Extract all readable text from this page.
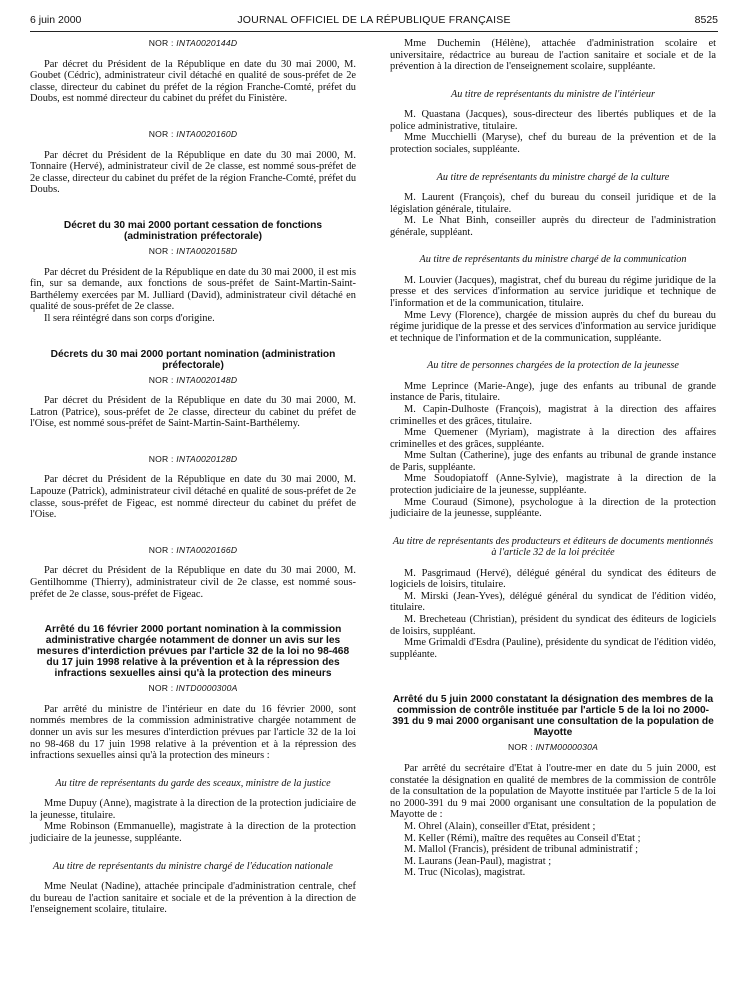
6 juin 2000	JOURNAL OFFICIEL DE LA RÉPUBLIQUE FRANÇAISE	8525
NOR : INTA0020144D

Par décret du Président de la République en date du 30 mai 2000, M. Goubet (Cédric), administrateur civil détaché en qualité de sous-préfet de 2e classe, directeur du cabinet du préfet de la région Franche-Comté, préfet du Doubs, est nommé directeur du cabinet du préfet du Finistère.

NOR : INTA0020160D

Par décret du Président de la République en date du 30 mai 2000, M. Tonnaire (Hervé), administrateur civil de 2e classe, est nommé sous-préfet de 2e classe, directeur du cabinet du préfet de la région Franche-Comté, préfet du Doubs.

Décret du 30 mai 2000 portant cessation de fonctions (administration préfectorale)
NOR : INTA0020158D

Par décret du Président de la République en date du 30 mai 2000, il est mis fin, sur sa demande, aux fonctions de sous-préfet de Saint-Martin-Saint-Barthélemy exercées par M. Julliard (David), administrateur civil détaché en qualité de sous-préfet de 2e classe.

Il sera réintégré dans son corps d'origine.

Décrets du 30 mai 2000 portant nomination (administration préfectorale)
NOR : INTA0020148D

Par décret du Président de la République en date du 30 mai 2000, M. Latron (Patrice), sous-préfet de 2e classe, directeur du cabinet du préfet de l'Oise, est nommé sous-préfet de Saint-Martin-Saint-Barthélemy.

NOR : INTA0020128D

Par décret du Président de la République en date du 30 mai 2000, M. Lapouze (Patrick), administrateur civil détaché en qualité de sous-préfet de 2e classe, sous-préfet de Figeac, est nommé directeur du cabinet du préfet de l'Oise.

NOR : INTA0020166D

Par décret du Président de la République en date du 30 mai 2000, M. Gentilhomme (Thierry), administrateur civil de 2e classe, est nommé sous-préfet de 2e classe, sous-préfet de Figeac.

Arrêté du 16 février 2000 portant nomination à la commission administrative chargée notamment de donner un avis sur les mesures d'interdiction prévues par l'article 32 de la loi no 98-468 du 17 juin 1998 relative à la prévention et à la répression des infractions sexuelles ainsi qu'à la protection des mineurs
NOR : INTD0000300A

Par arrêté du ministre de l'intérieur en date du 16 février 2000, sont nommés membres de la commission administrative chargée notamment de donner un avis sur les mesures d'interdiction prévues par l'article 32 de la loi no 98-468 du 17 juin 1998 relative à la prévention et à la répression des infractions sexuelles ainsi qu'à la protection des mineurs :

Au titre de représentants du garde des sceaux, ministre de la justice

Mme Dupuy (Anne), magistrate à la direction de la protection judiciaire de la jeunesse, titulaire.

Mme Robinson (Emmanuelle), magistrate à la direction de la protection judiciaire de la jeunesse, suppléante.

Au titre de représentants du ministre chargé de l'éducation nationale

Mme Neulat (Nadine), attachée principale d'administration centrale, chef du bureau de l'action sanitaire et sociale et de la prévention à la direction de l'enseignement scolaire, titulaire.

Mme Duchemin (Hélène), attachée d'administration scolaire et universitaire, rédactrice au bureau de l'action sanitaire et sociale et de la prévention à la direction de l'enseignement scolaire, suppléante.

Au titre de représentants du ministre de l'intérieur

M. Quastana (Jacques), sous-directeur des libertés publiques et de la police administrative, titulaire.

Mme Mucchielli (Maryse), chef du bureau de la prévention et de la protection sociales, suppléante.

Au titre de représentants du ministre chargé de la culture

M. Laurent (François), chef du bureau du conseil juridique et de la législation générale, titulaire.

M. Le Nhat Binh, conseiller auprès du directeur de l'administration générale, suppléant.

Au titre de représentants du ministre chargé de la communication

M. Louvier (Jacques), magistrat, chef du bureau du régime juridique de la presse et des services d'information au service juridique et technique de l'information et de la communication, titulaire.

Mme Levy (Florence), chargée de mission auprès du chef du bureau du régime juridique de la presse et des services d'information au service juridique et technique de l'information et de la communication, suppléante.

Au titre de personnes chargées de la protection de la jeunesse

Mme Leprince (Marie-Ange), juge des enfants au tribunal de grande instance de Paris, titulaire.

M. Capin-Dulhoste (François), magistrat à la direction des affaires criminelles et des grâces, titulaire.

Mme Quemener (Myriam), magistrate à la direction des affaires criminelles et des grâces, suppléante.

Mme Sultan (Catherine), juge des enfants au tribunal de grande instance de Paris, suppléante.

Mme Soudopiatoff (Anne-Sylvie), magistrate à la direction de la protection judiciaire de la jeunesse, suppléante.

Mme Couraud (Simone), psychologue à la direction de la protection judiciaire de la jeunesse, suppléante.

Au titre de représentants des producteurs et éditeurs de documents mentionnés à l'article 32 de la loi précitée

M. Pasgrimaud (Hervé), délégué général du syndicat des éditeurs de logiciels de loisirs, titulaire.

M. Mirski (Jean-Yves), délégué général du syndicat de l'édition vidéo, titulaire.

M. Brecheteau (Christian), président du syndicat des éditeurs de logiciels de loisirs, suppléant.

Mme Grimaldi d'Esdra (Pauline), présidente du syndicat de l'édition vidéo, suppléante.

Arrêté du 5 juin 2000 constatant la désignation des membres de la commission de contrôle instituée par l'article 5 de la loi no 2000-391 du 9 mai 2000 organisant une consultation de la population de Mayotte
NOR : INTM0000030A

Par arrêté du secrétaire d'Etat à l'outre-mer en date du 5 juin 2000, est constatée la désignation en qualité de membres de la commission de contrôle de la consultation de la population de Mayotte instituée par l'article 5 de la loi no 2000-391 du 9 mai 2000 organisant une consultation de la population de Mayotte de :

M. Ohrel (Alain), conseiller d'Etat, président ;

M. Keller (Rémi), maître des requêtes au Conseil d'Etat ;

M. Mallol (Francis), président de tribunal administratif ;

M. Laurans (Jean-Paul), magistrat ;

M. Truc (Nicolas), magistrat.
